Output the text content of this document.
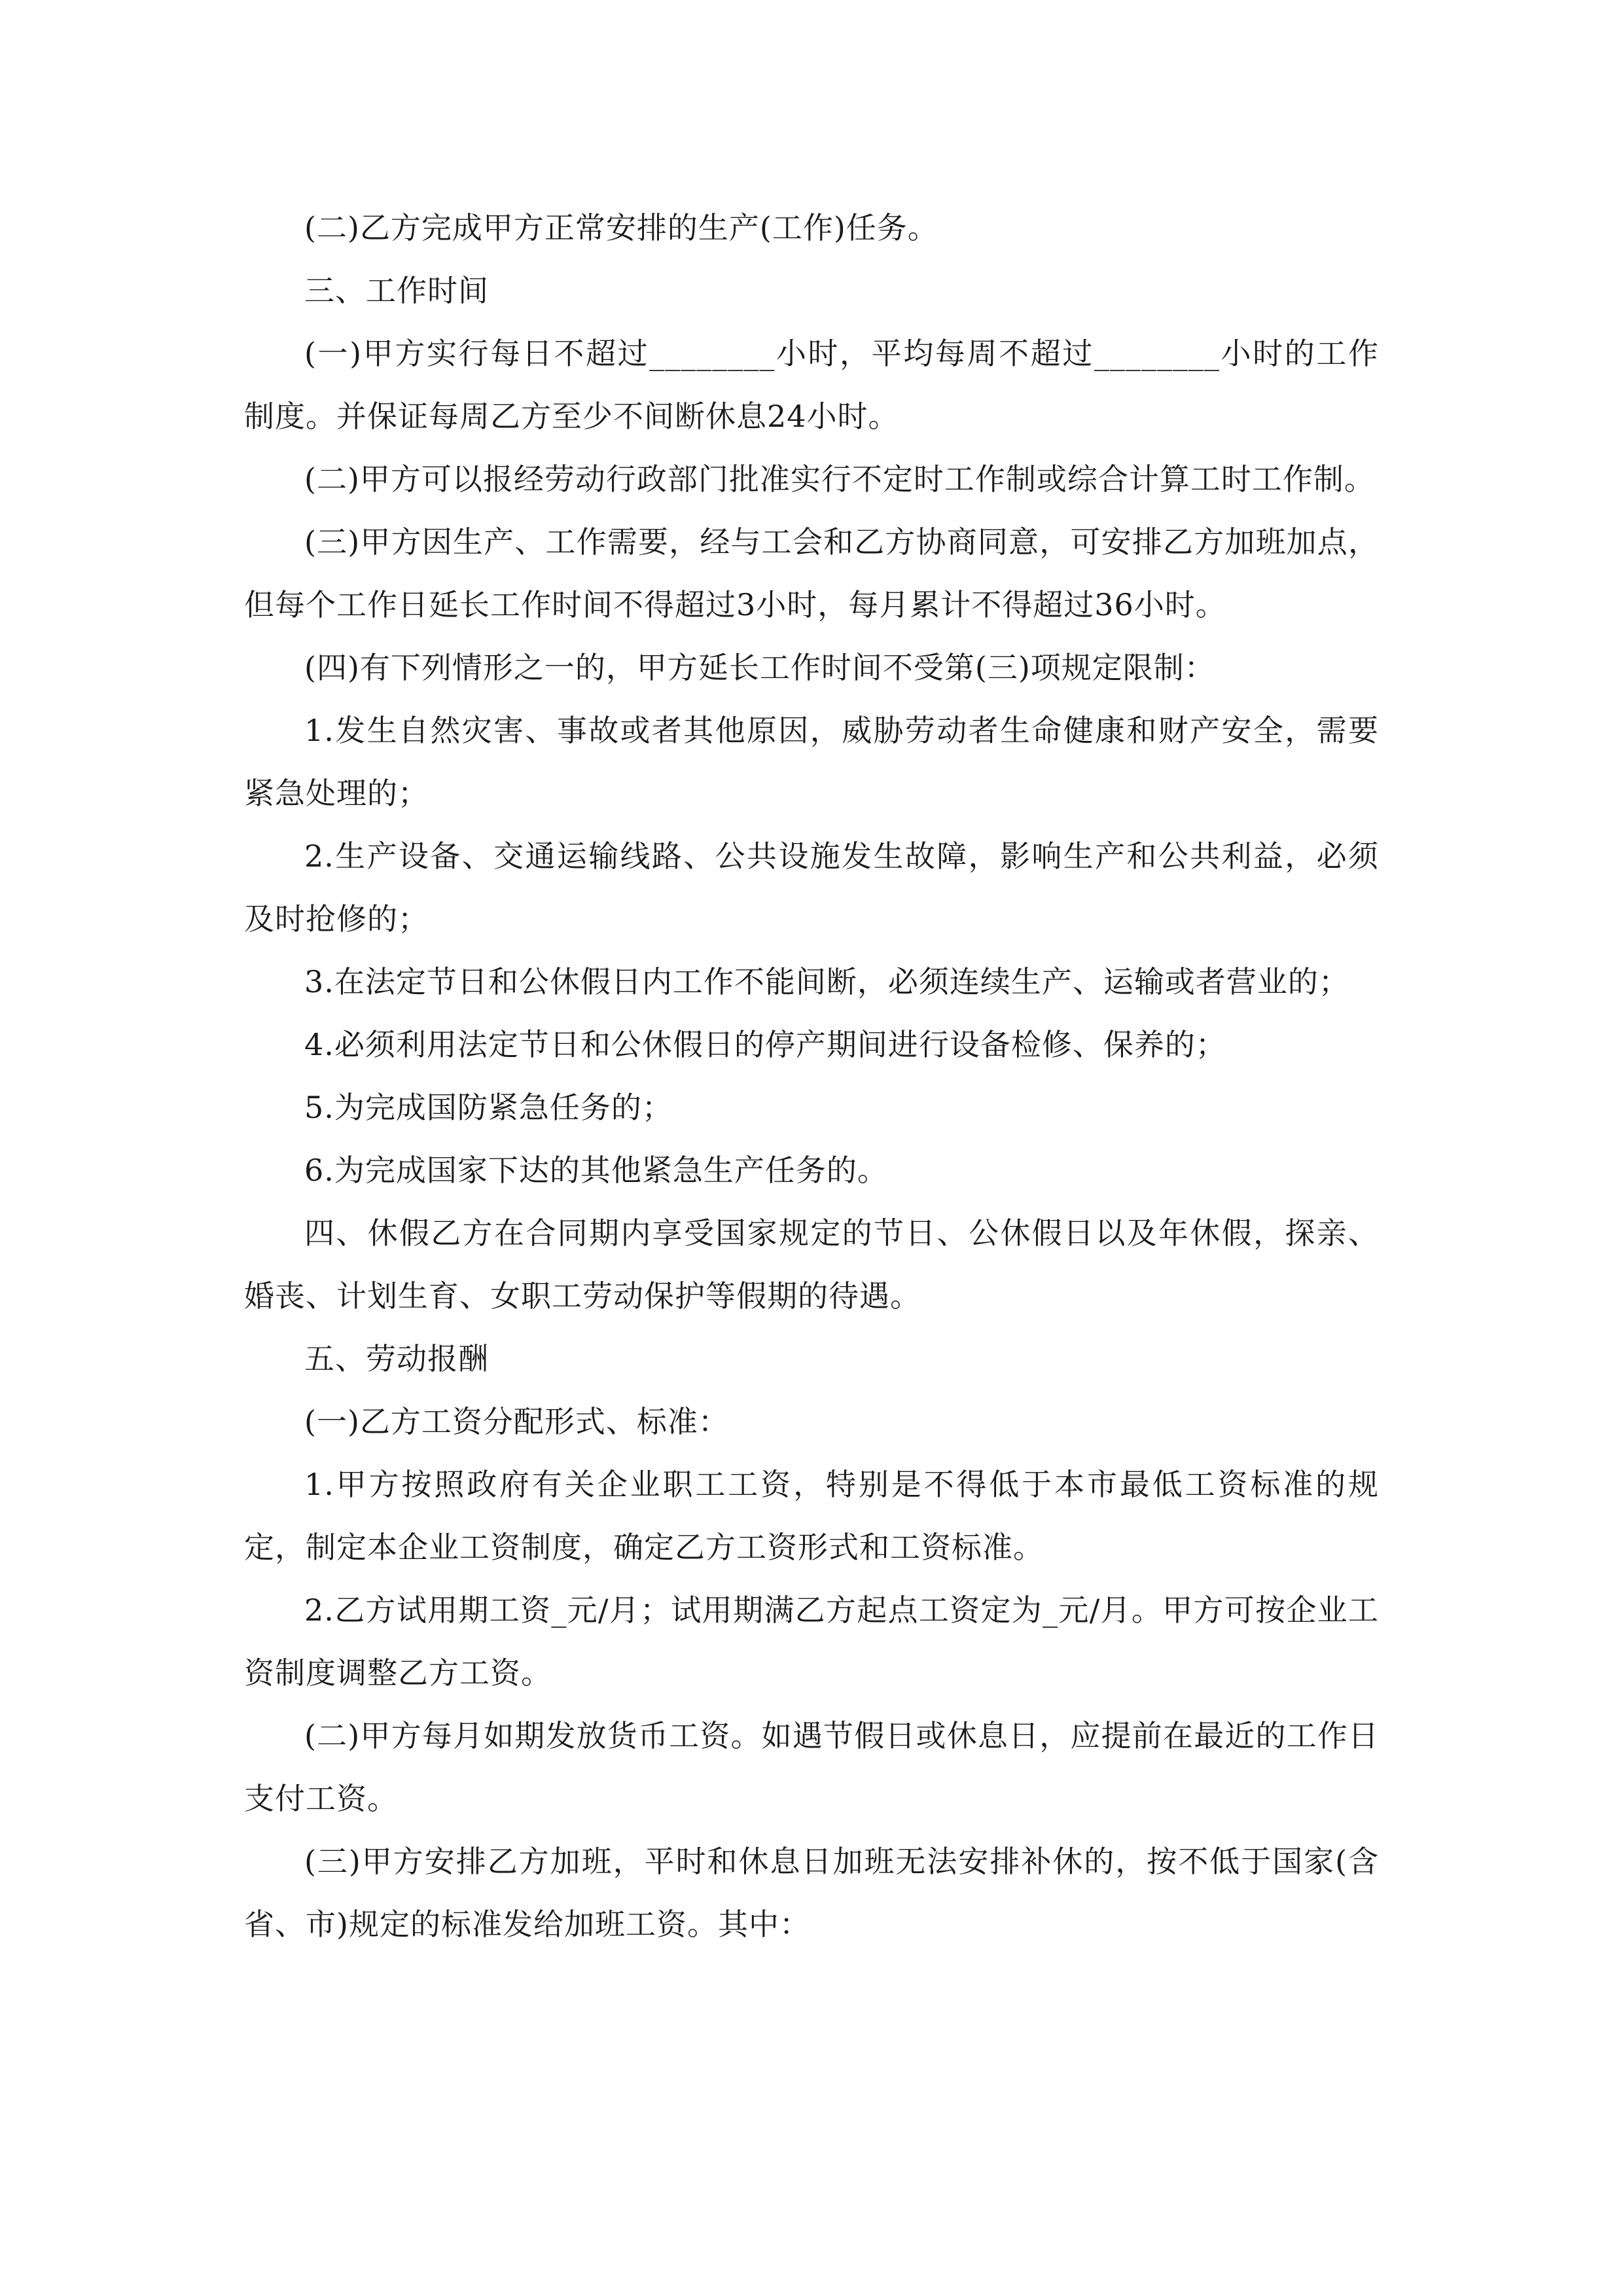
(二)乙方完成甲方正常安排的生产(工作)任务。

三、工作时间

(一)甲方实行每日不超过________小时，平均每周不超过________小时的工作制度。并保证每周乙方至少不间断休息24小时。

(二)甲方可以报经劳动行政部门批准实行不定时工作制或综合计算工时工作制。

(三)甲方因生产、工作需要，经与工会和乙方协商同意，可安排乙方加班加点，但每个工作日延长工作时间不得超过3小时，每月累计不得超过36小时。

(四)有下列情形之一的，甲方延长工作时间不受第(三)项规定限制：

1.发生自然灾害、事故或者其他原因，威胁劳动者生命健康和财产安全，需要紧急处理的；

2.生产设备、交通运输线路、公共设施发生故障，影响生产和公共利益，必须及时抢修的；

3.在法定节日和公休假日内工作不能间断，必须连续生产、运输或者营业的；

4.必须利用法定节日和公休假日的停产期间进行设备检修、保养的；

5.为完成国防紧急任务的；

6.为完成国家下达的其他紧急生产任务的。

四、休假乙方在合同期内享受国家规定的节日、公休假日以及年休假，探亲、婚丧、计划生育、女职工劳动保护等假期的待遇。

五、劳动报酬

(一)乙方工资分配形式、标准：

1.甲方按照政府有关企业职工工资，特别是不得低于本市最低工资标准的规定，制定本企业工资制度，确定乙方工资形式和工资标准。

2.乙方试用期工资_元/月；试用期满乙方起点工资定为_元/月。甲方可按企业工资制度调整乙方工资。

(二)甲方每月如期发放货币工资。如遇节假日或休息日，应提前在最近的工作日支付工资。

(三)甲方安排乙方加班，平时和休息日加班无法安排补休的，按不低于国家(含省、市)规定的标准发给加班工资。其中：
